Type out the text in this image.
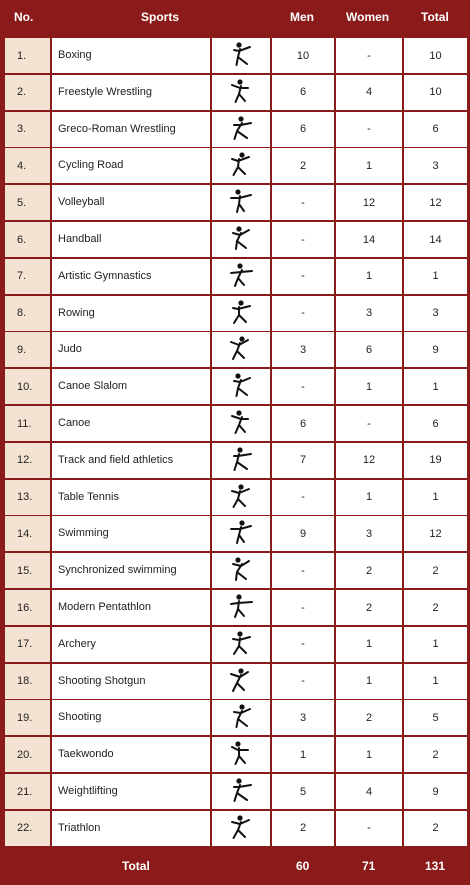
No.	Sports	Men	Women	Total
1.	Boxing	10	-	10
2.	Freestyle Wrestling	6	4	10
3.	Greco-Roman Wrestling	6	-	6
4.	Cycling Road	2	1	3
5.	Volleyball	-	12	12
6.	Handball	-	14	14
7.	Artistic Gymnastics	-	1	1
8.	Rowing	-	3	3
9.	Judo	3	6	9
10.	Canoe Slalom	-	1	1
11.	Canoe	6	-	6
12.	Track and field athletics	7	12	19
13.	Table Tennis	-	1	1
14.	Swimming	9	3	12
15.	Synchronized swimming	-	2	2
16.	Modern Pentathlon	-	2	2
17.	Archery	-	1	1
18.	Shooting Shotgun	-	1	1
19.	Shooting	3	2	5
20.	Taekwondo	1	1	2
21.	Weightlifting	5	4	9
22.	Triathlon	2	-	2
Total	60	71	131
